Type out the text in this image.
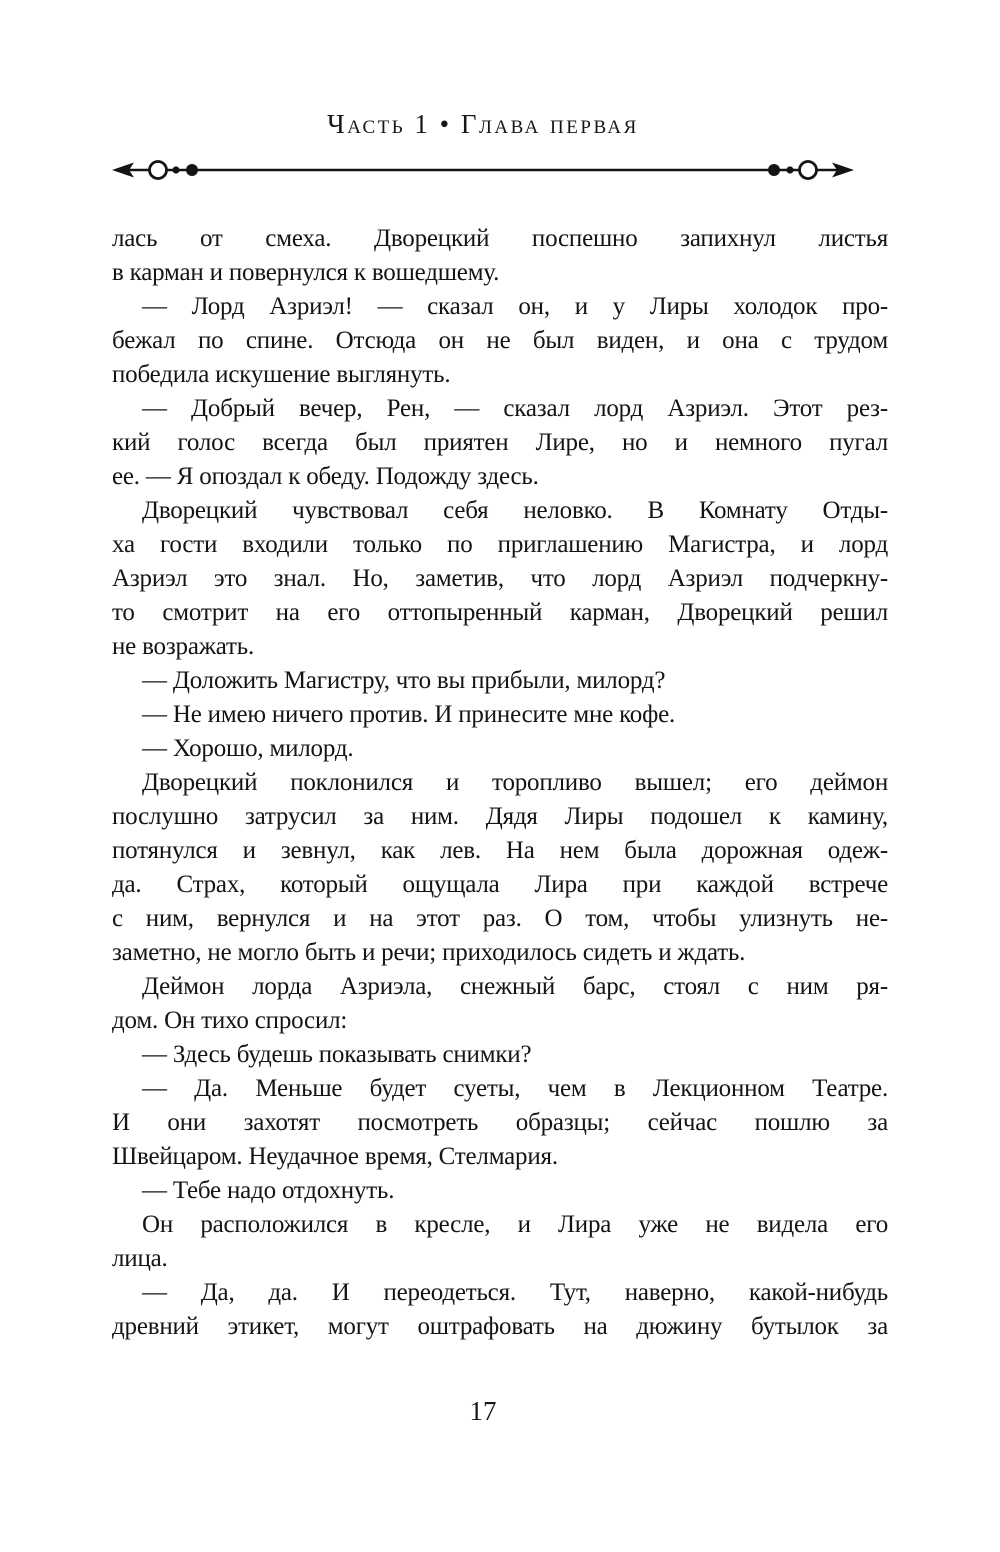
Часть 1 • Глава первая
лась от смеха. Дворецкий поспешно запихнул листья
в карман и повернулся к вошедшему.
— Лорд Азриэл! — сказал он, и у Лиры холодок про-
бежал по спине. Отсюда он не был виден, и она с трудом
победила искушение выглянуть.
— Добрый вечер, Рен, — сказал лорд Азриэл. Этот рез-
кий голос всегда был приятен Лире, но и немного пугал
ее. — Я опоздал к обеду. Подожду здесь.
Дворецкий чувствовал себя неловко. В Комнату Отды-
ха гости входили только по приглашению Магистра, и лорд
Азриэл это знал. Но, заметив, что лорд Азриэл подчеркну-
то смотрит на его оттопыренный карман, Дворецкий решил
не возражать.
— Доложить Магистру, что вы прибыли, милорд?
— Не имею ничего против. И принесите мне кофе.
— Хорошо, милорд.
Дворецкий поклонился и торопливо вышел; его деймон
послушно затрусил за ним. Дядя Лиры подошел к камину,
потянулся и зевнул, как лев. На нем была дорожная одеж-
да. Страх, который ощущала Лира при каждой встрече
с ним, вернулся и на этот раз. О том, чтобы улизнуть не-
заметно, не могло быть и речи; приходилось сидеть и ждать.
Деймон лорда Азриэла, снежный барс, стоял с ним ря-
дом. Он тихо спросил:
— Здесь будешь показывать снимки?
— Да. Меньше будет суеты, чем в Лекционном Театре.
И они захотят посмотреть образцы; сейчас пошлю за
Швейцаром. Неудачное время, Стелмария.
— Тебе надо отдохнуть.
Он расположился в кресле, и Лира уже не видела его
лица.
— Да, да. И переодеться. Тут, наверно, какой-нибудь
древний этикет, могут оштрафовать на дюжину бутылок за
17
